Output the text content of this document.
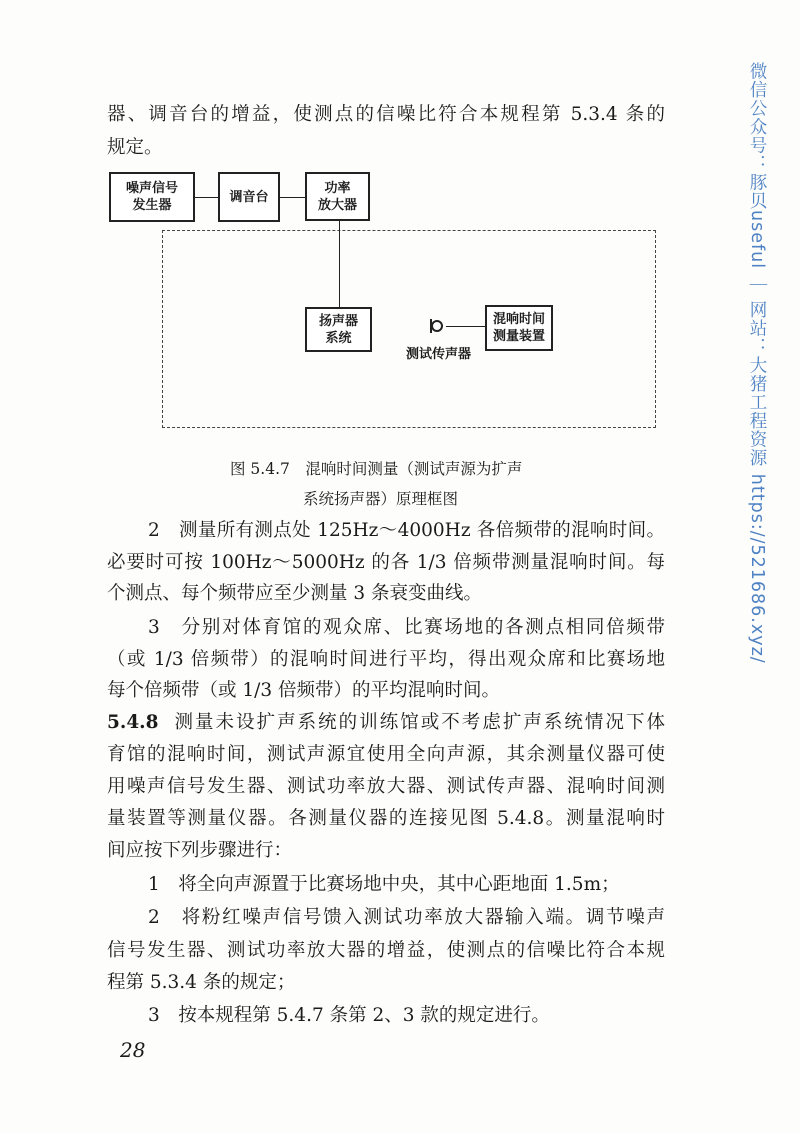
器、调音台的增益，使测点的信噪比符合本规程第 5.3.4 条的
规定。
噪声信号
发生器
调音台
功率
放大器
扬声器
系统
混响时间
测量装置
测试传声器
图 5.4.7　混响时间测量（测试声源为扩声
系统扬声器）原理框图
2　测量所有测点处 125Hz～4000Hz 各倍频带的混响时间。
必要时可按 100Hz～5000Hz 的各 1/3 倍频带测量混响时间。每
个测点、每个频带应至少测量 3 条衰变曲线。
3　分别对体育馆的观众席、比赛场地的各测点相同倍频带
（或 1/3 倍频带）的混响时间进行平均，得出观众席和比赛场地
每个倍频带（或 1/3 倍频带）的平均混响时间。
5.4.8 测量未设扩声系统的训练馆或不考虑扩声系统情况下体
育馆的混响时间，测试声源宜使用全向声源，其余测量仪器可使
用噪声信号发生器、测试功率放大器、测试传声器、混响时间测
量装置等测量仪器。各测量仪器的连接见图 5.4.8。测量混响时
间应按下列步骤进行：
1　将全向声源置于比赛场地中央，其中心距地面 1.5m；
2　将粉红噪声信号馈入测试功率放大器输入端。调节噪声
信号发生器、测试功率放大器的增益，使测点的信噪比符合本规
程第 5.3.4 条的规定；
3　按本规程第 5.4.7 条第 2、3 款的规定进行。
28
微信公众号：豚贝useful ｜ 网站：大猪工程资源 https://521686.xyz/
